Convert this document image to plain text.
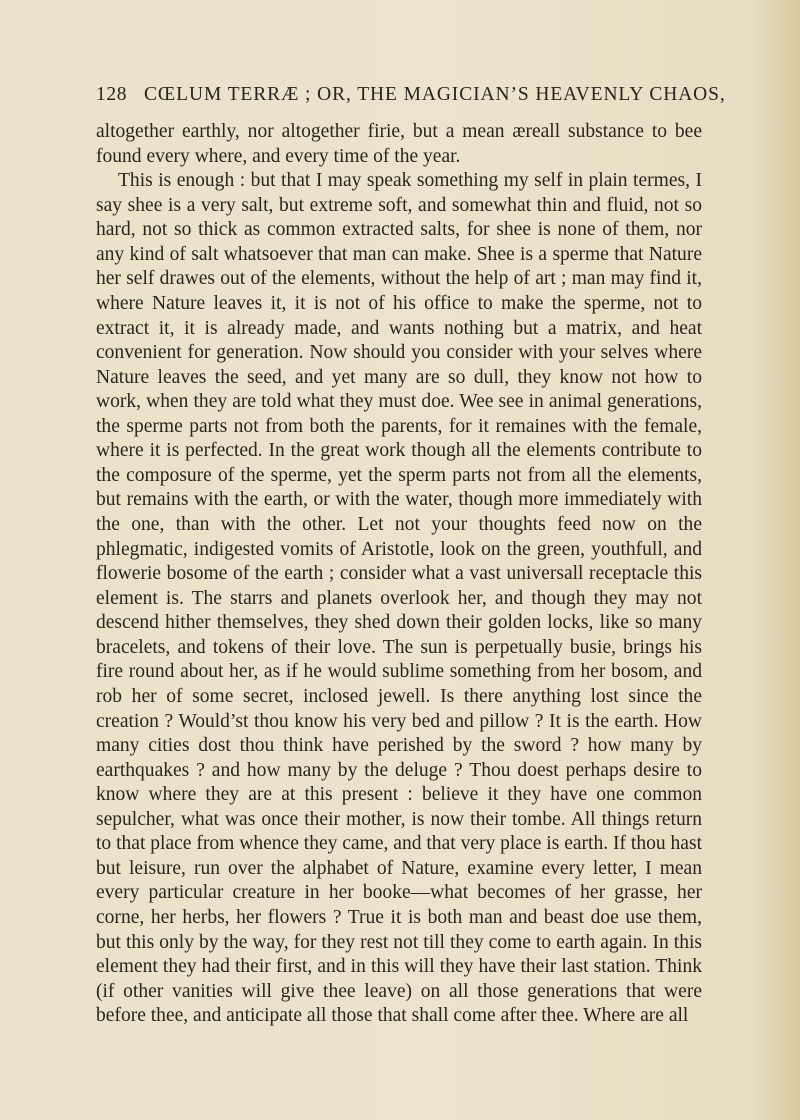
128 CŒLUM TERRÆ ; OR, THE MAGICIAN’S HEAVENLY CHAOS,

altogether earthly, nor altogether firie, but a mean æreall substance to bee found every where, and every time of the year.

This is enough : but that I may speak something my self in plain termes, I say shee is a very salt, but extreme soft, and somewhat thin and fluid, not so hard, not so thick as common extracted salts, for shee is none of them, nor any kind of salt whatsoever that man can make. Shee is a sperme that Nature her self drawes out of the elements, without the help of art ; man may find it, where Nature leaves it, it is not of his office to make the sperme, not to extract it, it is already made, and wants nothing but a matrix, and heat convenient for generation. Now should you consider with your selves where Nature leaves the seed, and yet many are so dull, they know not how to work, when they are told what they must doe. Wee see in animal generations, the sperme parts not from both the parents, for it remaines with the female, where it is perfected. In the great work though all the elements contribute to the composure of the sperme, yet the sperm parts not from all the elements, but remains with the earth, or with the water, though more immediately with the one, than with the other. Let not your thoughts feed now on the phlegmatic, indigested vomits of Aristotle, look on the green, youthfull, and flowerie bosome of the earth ; consider what a vast universall receptacle this element is. The starrs and planets overlook her, and though they may not descend hither themselves, they shed down their golden locks, like so many bracelets, and tokens of their love. The sun is perpetually busie, brings his fire round about her, as if he would sublime something from her bosom, and rob her of some secret, inclosed jewell. Is there anything lost since the creation ? Would’st thou know his very bed and pillow ? It is the earth. How many cities dost thou think have perished by the sword ? how many by earthquakes ? and how many by the deluge ? Thou doest perhaps desire to know where they are at this present : believe it they have one common sepulcher, what was once their mother, is now their tombe. All things return to that place from whence they came, and that very place is earth. If thou hast but leisure, run over the alphabet of Nature, examine every letter, I mean every particular creature in her booke—what becomes of her grasse, her corne, her herbs, her flowers ? True it is both man and beast doe use them, but this only by the way, for they rest not till they come to earth again. In this element they had their first, and in this will they have their last station. Think (if other vanities will give thee leave) on all those generations that were before thee, and anticipate all those that shall come after thee. Where are all
